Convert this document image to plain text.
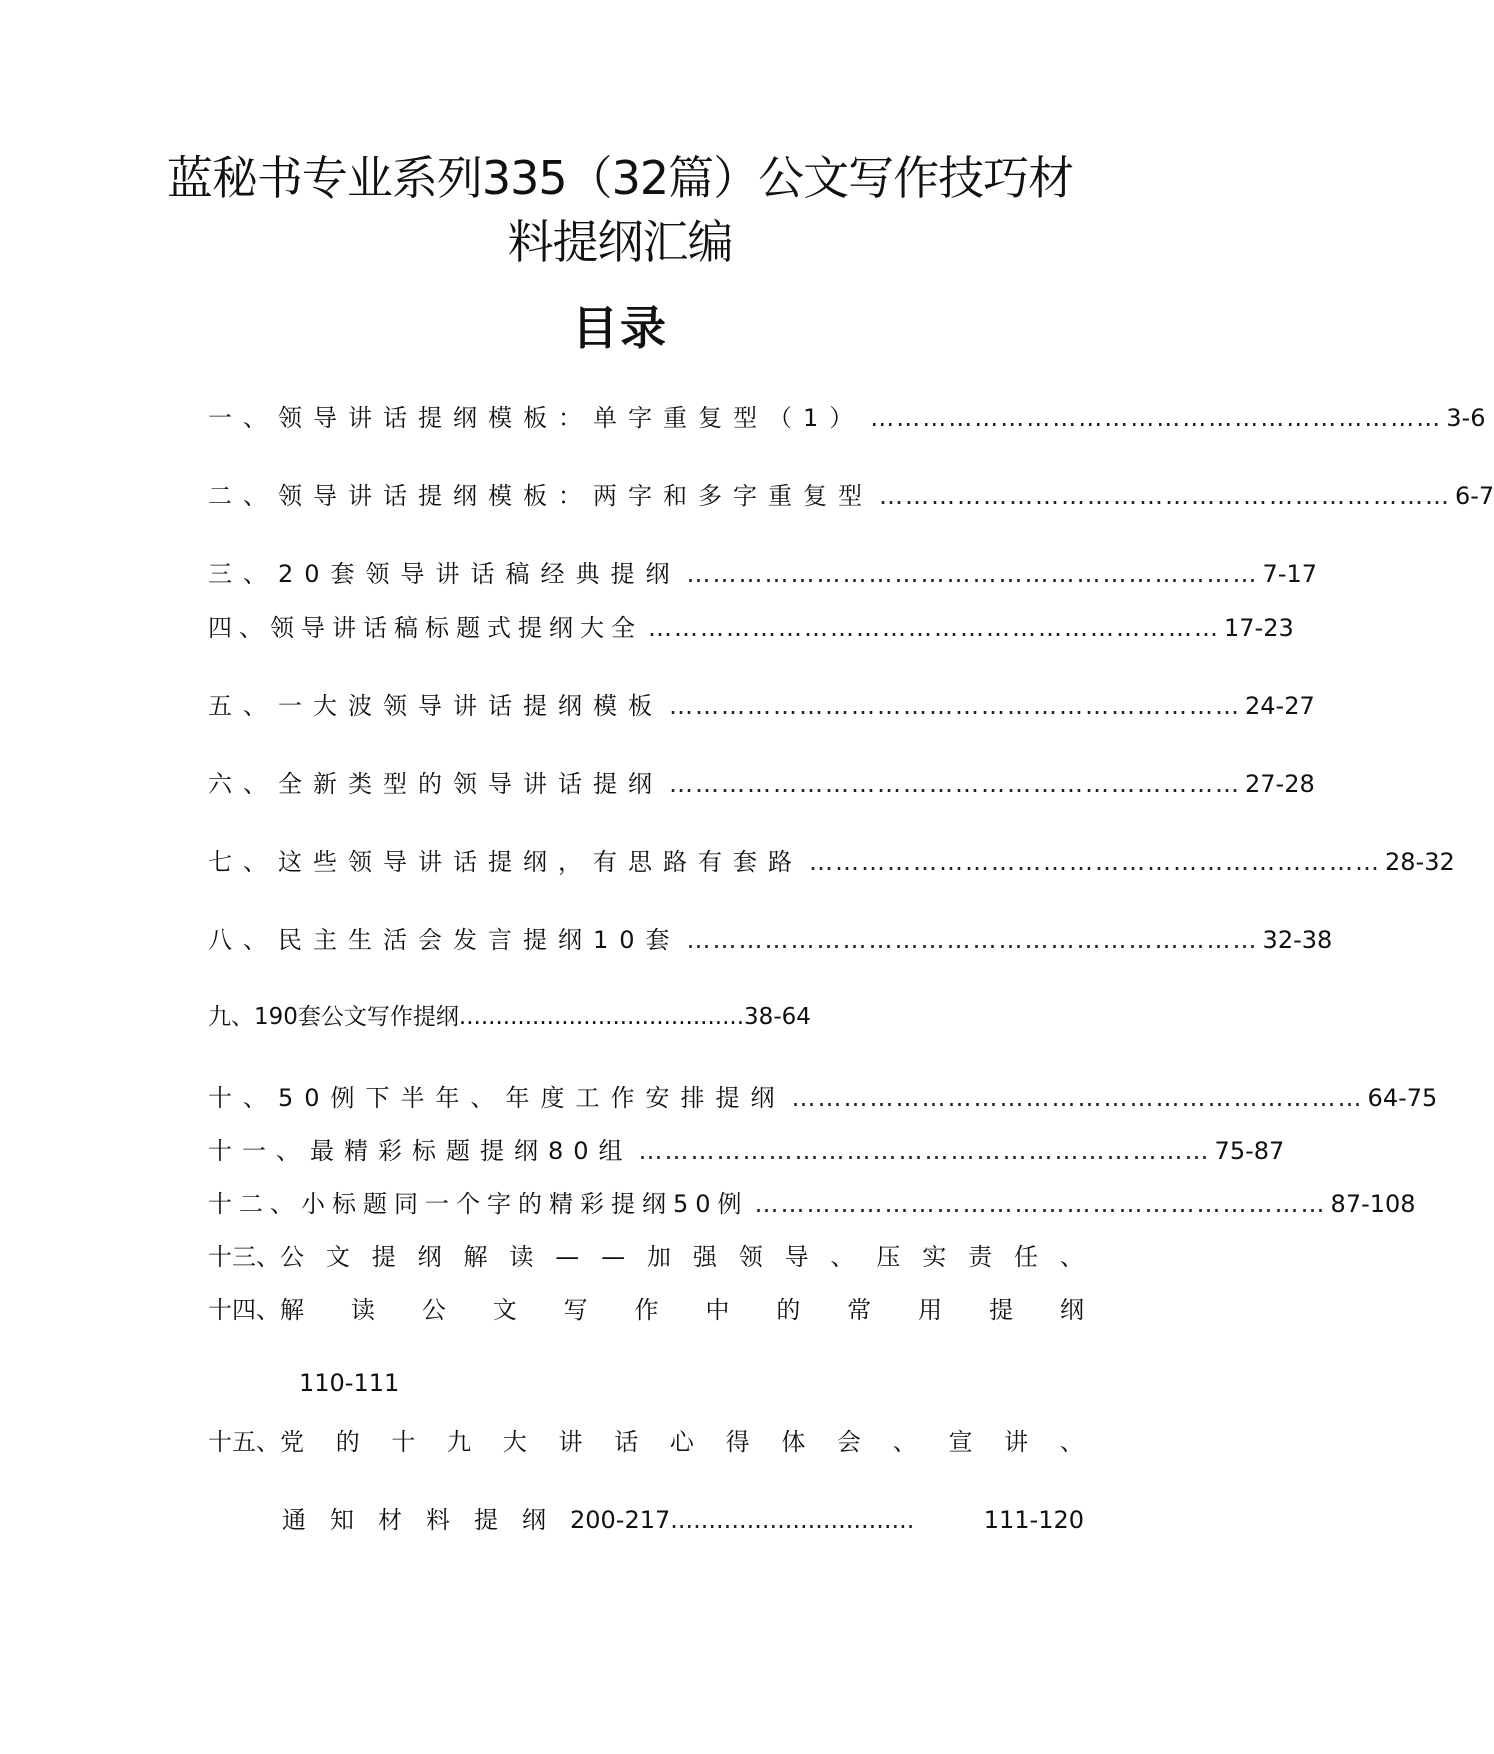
蓝秘书专业系列335（32篇）公文写作技巧材料提纲汇编
目录
一、领导讲话提纲模板：单字重复型（1） ………………………………………………………… 3-6
二、领导讲话提纲模板：两字和多字重复型 ………………………………………………………… 6-7
三、20套领导讲话稿经典提纲 ………………………………………………………… 7-17
四、领导讲话稿标题式提纲大全 ………………………………………………………… 17-23
五、一大波领导讲话提纲模板 ………………………………………………………… 24-27
六、全新类型的领导讲话提纲 ………………………………………………………… 27-28
七、这些领导讲话提纲，有思路有套路 ………………………………………………………… 28-32
八、民主生活会发言提纲10套 ………………………………………………………… 32-38
九、190套公文写作提纲.......................................38-64
十、50例下半年、年度工作安排提纲 ………………………………………………………… 64-75
十一、最精彩标题提纲80组 ………………………………………………………… 75-87
十二、小标题同一个字的精彩提纲50例 ………………………………………………………… 87-108
十三、公 文 提 纲 解 读 — — 加 强 领 导 、 压 实 责 任 、
十四、解 读 公 文 写 作 中 的 常 用 提 纲
110-111
十五、党 的 十 九 大 讲 话 心 得 体 会 、 宣 讲 、
通　知　材　料　提　纲　200-217 ................................	111-120
